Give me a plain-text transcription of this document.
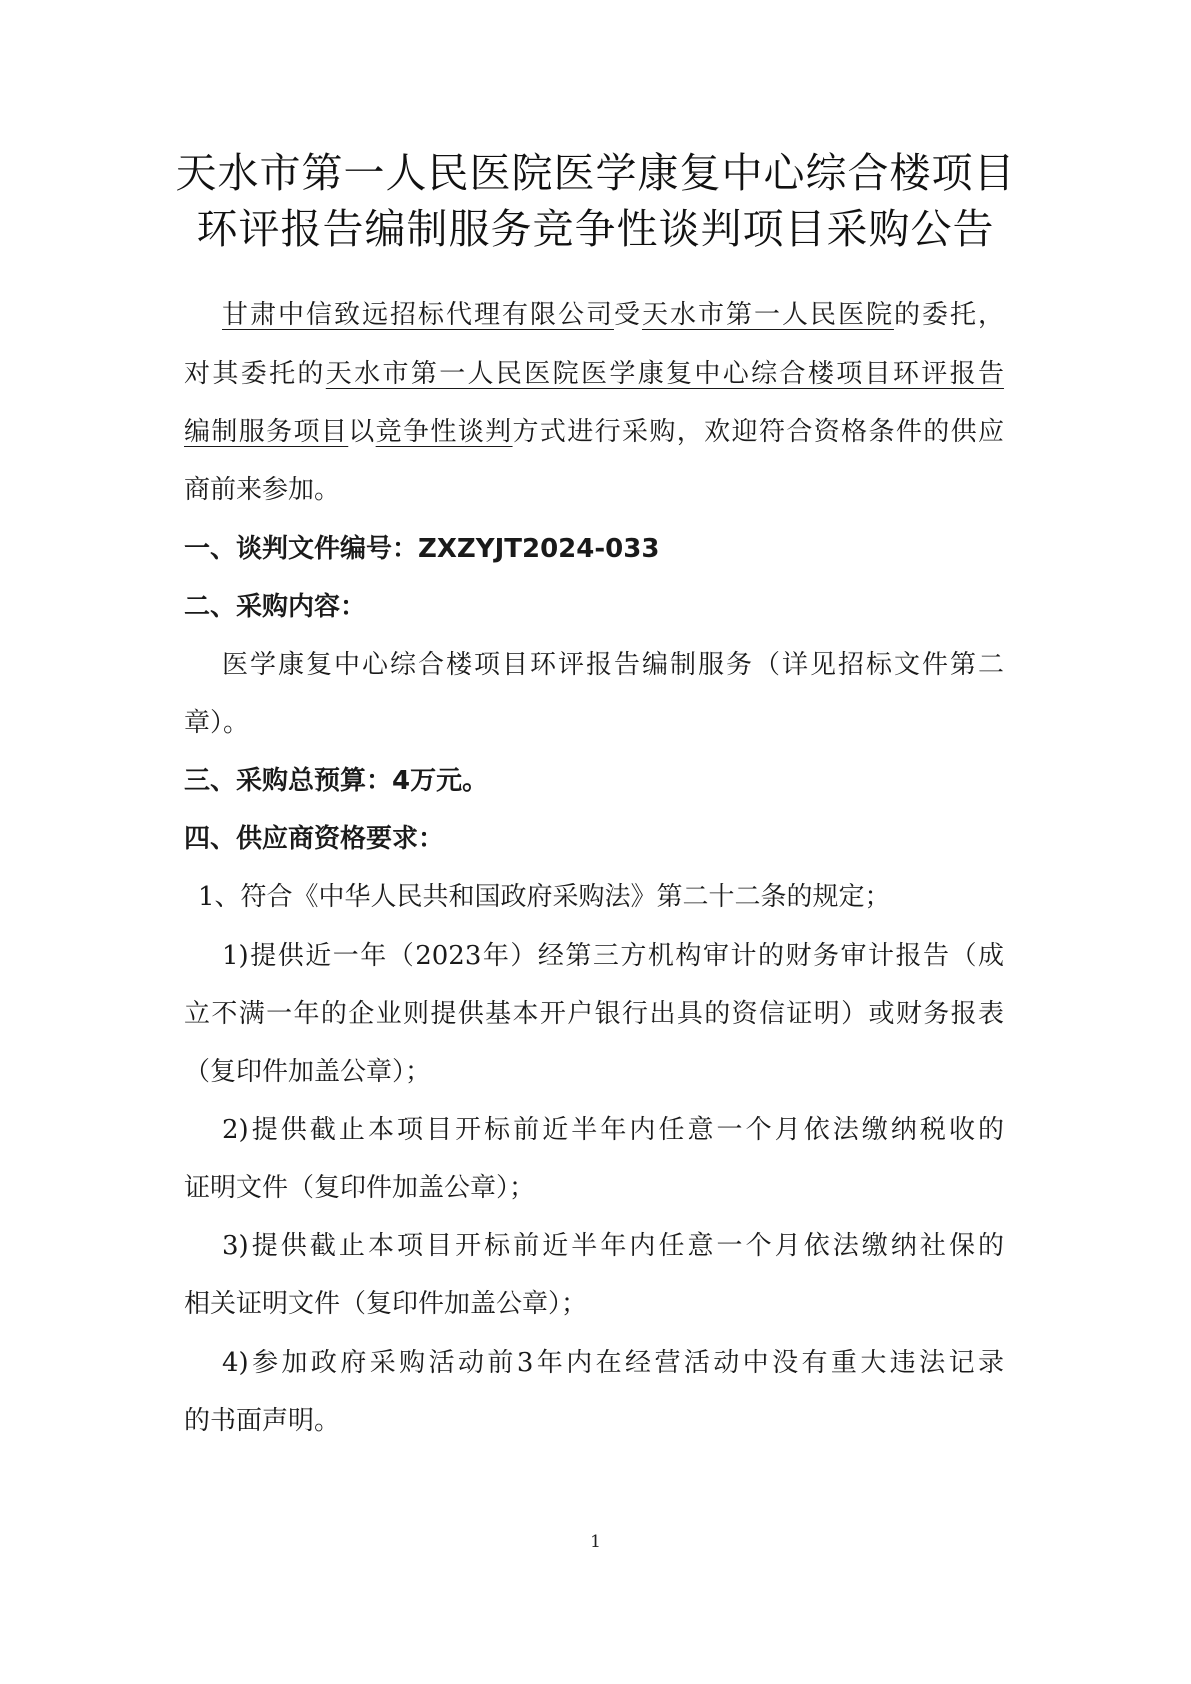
天水市第一人民医院医学康复中心综合楼项目
环评报告编制服务竞争性谈判项目采购公告
甘肃中信致远招标代理有限公司受天水市第一人民医院的委托，
对其委托的天水市第一人民医院医学康复中心综合楼项目环评报告
编制服务项目以竞争性谈判方式进行采购，欢迎符合资格条件的供应
商前来参加。
一、谈判文件编号：ZXZYJT2024-033
二、采购内容：
医学康复中心综合楼项目环评报告编制服务（详见招标文件第二
章）。
三、采购总预算：4万元。
四、供应商资格要求：
1、符合《中华人民共和国政府采购法》第二十二条的规定；
1)提供近一年（2023年）经第三方机构审计的财务审计报告（成
立不满一年的企业则提供基本开户银行出具的资信证明）或财务报表
（复印件加盖公章）；
2)提供截止本项目开标前近半年内任意一个月依法缴纳税收的
证明文件（复印件加盖公章）；
3)提供截止本项目开标前近半年内任意一个月依法缴纳社保的
相关证明文件（复印件加盖公章）；
4)参加政府采购活动前3年内在经营活动中没有重大违法记录
的书面声明。
1
